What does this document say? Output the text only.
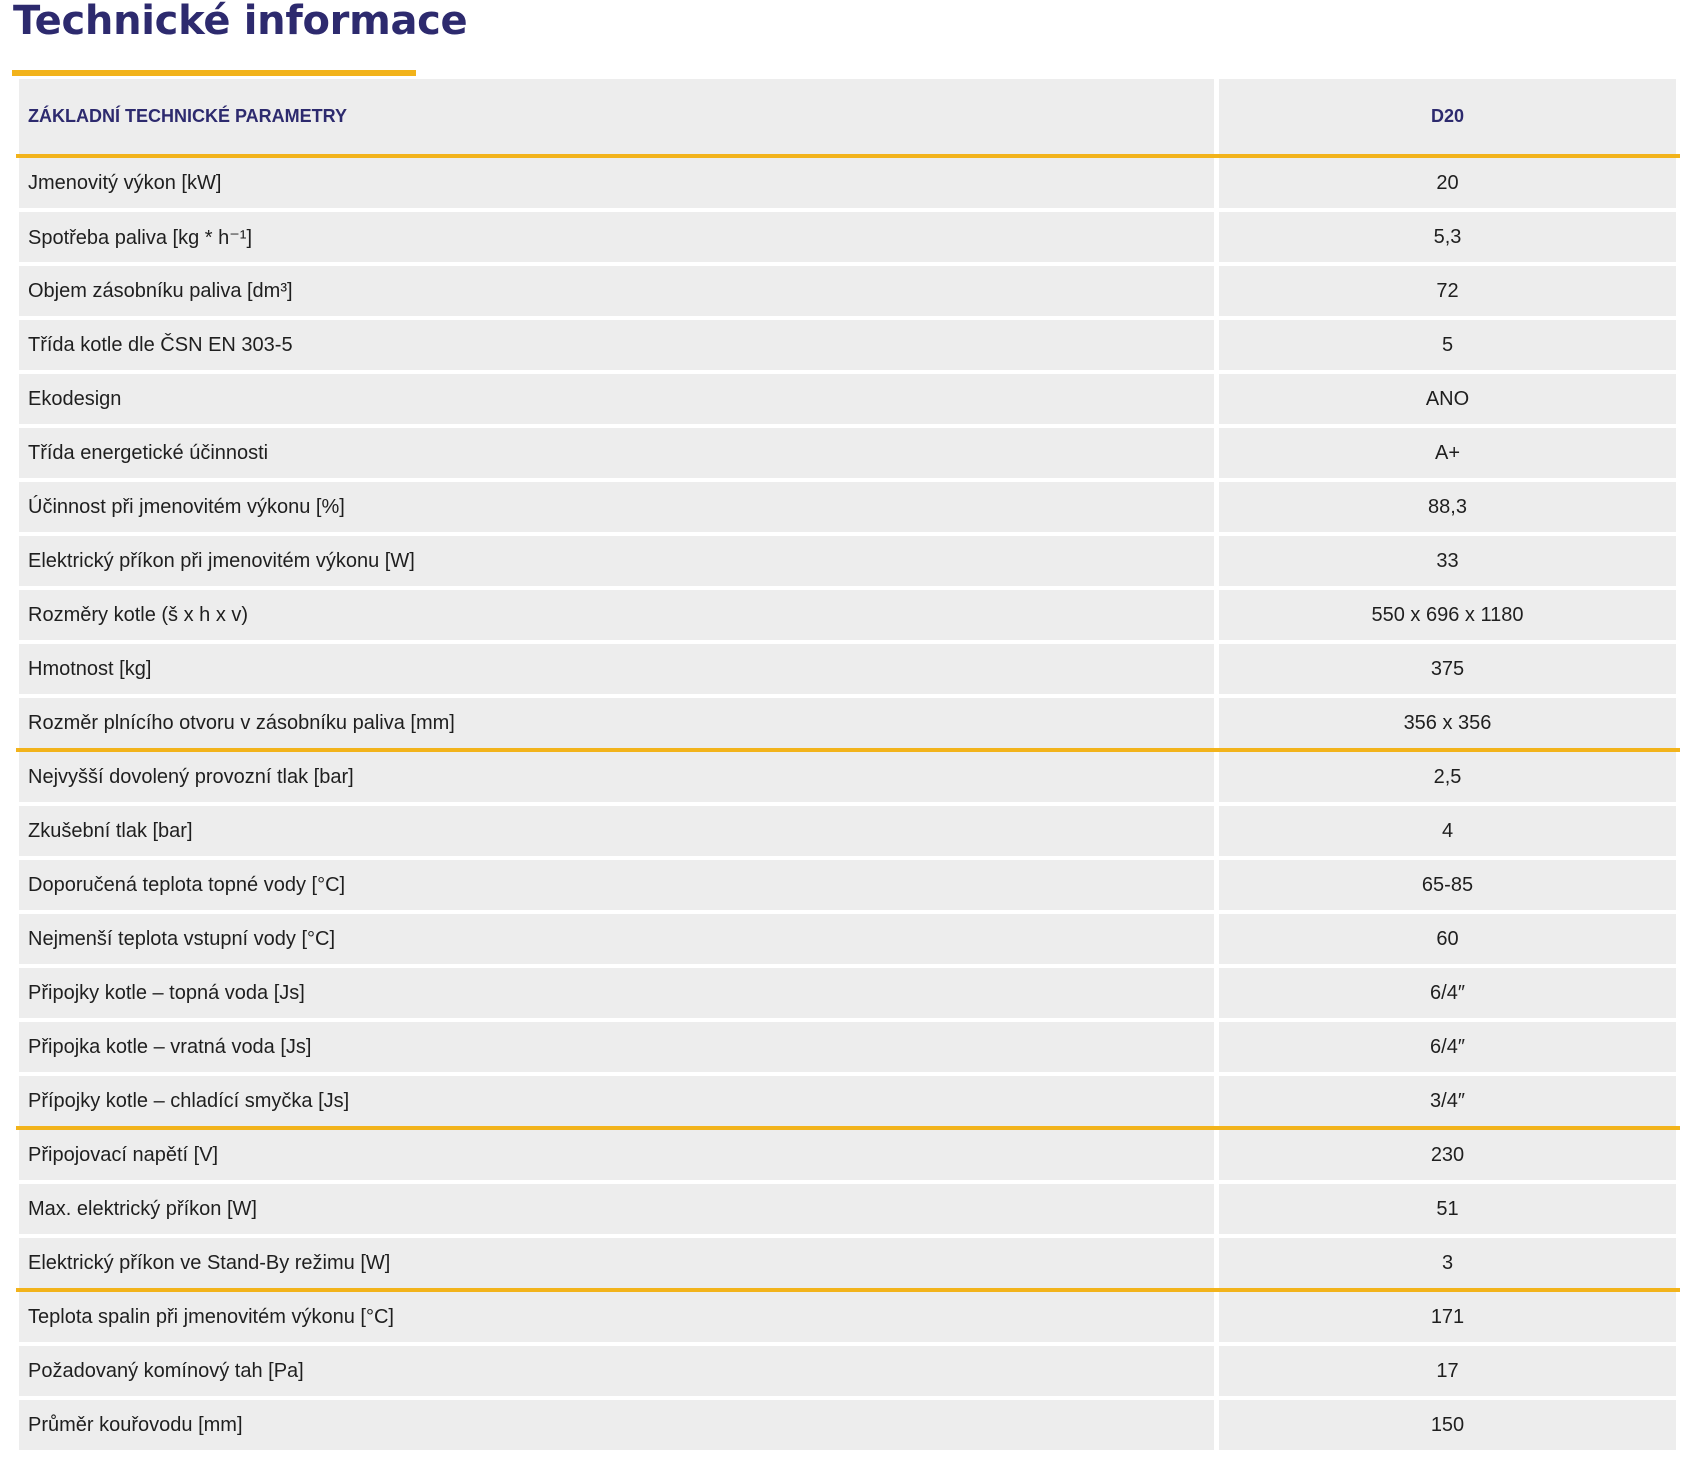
Technické informace
ZÁKLADNÍ TECHNICKÉ PARAMETRY	D20
Jmenovitý výkon [kW]	20
Spotřeba paliva [kg * h⁻¹]	5,3
Objem zásobníku paliva [dm³]	72
Třída kotle dle ČSN EN 303-5	5
Ekodesign	ANO
Třída energetické účinnosti	A+
Účinnost při jmenovitém výkonu [%]	88,3
Elektrický příkon při jmenovitém výkonu [W]	33
Rozměry kotle (š x h x v)	550 x 696 x 1180
Hmotnost [kg]	375
Rozměr plnícího otvoru v zásobníku paliva [mm]	356 x 356
Nejvyšší dovolený provozní tlak [bar]	2,5
Zkušební tlak [bar]	4
Doporučená teplota topné vody [°C]	65-85
Nejmenší teplota vstupní vody [°C]	60
Připojky kotle – topná voda [Js]	6/4″
Připojka kotle – vratná voda [Js]	6/4″
Přípojky kotle – chladící smyčka [Js]	3/4″
Připojovací napětí [V]	230
Max. elektrický příkon [W]	51
Elektrický příkon ve Stand-By režimu [W]	3
Teplota spalin při jmenovitém výkonu [°C]	171
Požadovaný komínový tah [Pa]	17
Průměr kouřovodu [mm]	150
